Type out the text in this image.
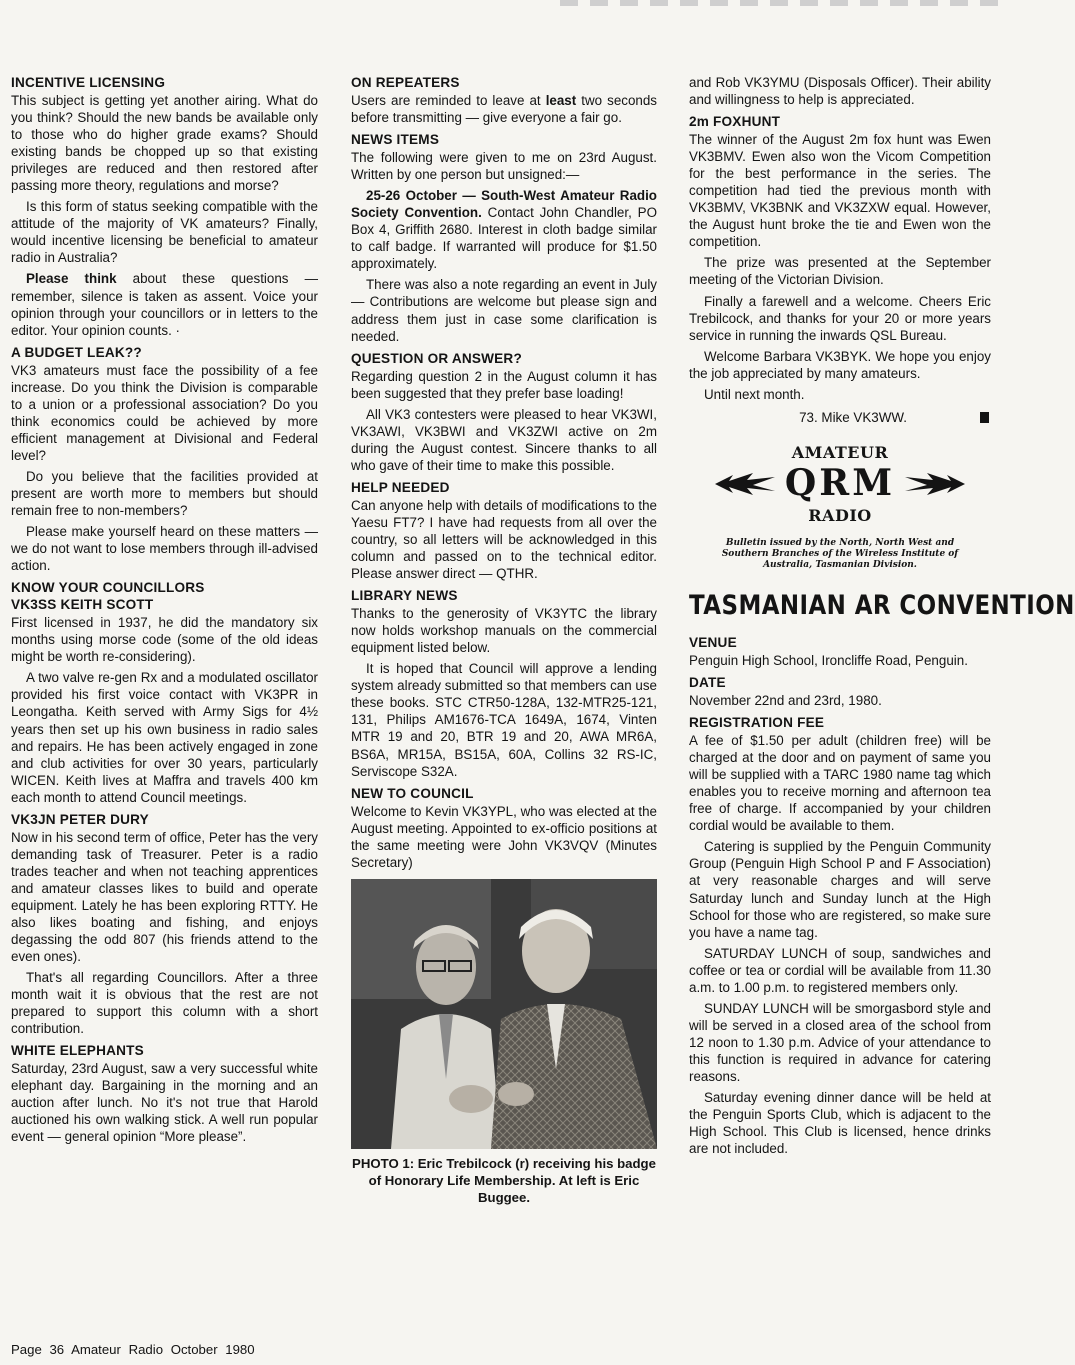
INCENTIVE LICENSING

This subject is getting yet another airing. What do you think? Should the new bands be available only to those who do higher grade exams? Should existing bands be chopped up so that existing privileges are reduced and then restored after passing more theory, regulations and morse?

Is this form of status seeking compatible with the attitude of the majority of VK amateurs? Finally, would incentive licensing be beneficial to amateur radio in Australia?

Please think about these questions — remember, silence is taken as assent. Voice your opinion through your councillors or in letters to the editor. Your opinion counts. ·

A BUDGET LEAK??

VK3 amateurs must face the possibility of a fee increase. Do you think the Division is comparable to a union or a professional association? Do you think economics could be achieved by more efficient management at Divisional and Federal level?

Do you believe that the facilities provided at present are worth more to members but should remain free to non-members?

Please make yourself heard on these matters — we do not want to lose members through ill-advised action.

KNOW YOUR COUNCILLORS
VK3SS KEITH SCOTT

First licensed in 1937, he did the mandatory six months using morse code (some of the old ideas might be worth re-considering).

A two valve re-gen Rx and a modulated oscillator provided his first voice contact with VK3PR in Leongatha. Keith served with Army Sigs for 4½ years then set up his own business in radio sales and repairs. He has been actively engaged in zone and club activities for over 30 years, particularly WICEN. Keith lives at Maffra and travels 400 km each month to attend Council meetings.

VK3JN PETER DURY

Now in his second term of office, Peter has the very demanding task of Treasurer. Peter is a radio trades teacher and when not teaching apprentices and amateur classes likes to build and operate equipment. Lately he has been exploring RTTY. He also likes boating and fishing, and enjoys degassing the odd 807 (his friends attend to the even ones).

That's all regarding Councillors. After a three month wait it is obvious that the rest are not prepared to support this column with a short contribution.

WHITE ELEPHANTS

Saturday, 23rd August, saw a very successful white elephant day. Bargaining in the morning and an auction after lunch. No it's not true that Harold auctioned his own walking stick. A well run popular event — general opinion “More please”.

ON REPEATERS

Users are reminded to leave at least two seconds before transmitting — give everyone a fair go.

NEWS ITEMS

The following were given to me on 23rd August. Written by one person but unsigned:—

25-26 October — South-West Amateur Radio Society Convention. Contact John Chandler, PO Box 4, Griffith 2680. Interest in cloth badge similar to calf badge. If warranted will produce for $1.50 approximately.

There was also a note regarding an event in July — Contributions are welcome but please sign and address them just in case some clarification is needed.

QUESTION OR ANSWER?

Regarding question 2 in the August column it has been suggested that they prefer base loading!

All VK3 contesters were pleased to hear VK3WI, VK3AWI, VK3BWI and VK3ZWI active on 2m during the August contest. Sincere thanks to all who gave of their time to make this possible.

HELP NEEDED

Can anyone help with details of modifications to the Yaesu FT7? I have had requests from all over the country, so all letters will be acknowledged in this column and passed on to the technical editor. Please answer direct — QTHR.

LIBRARY NEWS

Thanks to the generosity of VK3YTC the library now holds workshop manuals on the commercial equipment listed below.

It is hoped that Council will approve a lending system already submitted so that members can use these books. STC CTR50-128A, 132-MTR25-121, 131, Philips AM1676-TCA 1649A, 1674, Vinten MTR 19 and 20, BTR 19 and 20, AWA MR6A, BS6A, MR15A, BS15A, 60A, Collins 32 RS-IC, Serviscope S32A.

NEW TO COUNCIL

Welcome to Kevin VK3YPL, who was elected at the August meeting. Appointed to ex-officio positions at the same meeting were John VK3VQV (Minutes Secretary)

PHOTO 1: Eric Trebilcock (r) receiving his badge of Honorary Life Membership. At left is Eric Buggee.

and Rob VK3YMU (Disposals Officer). Their ability and willingness to help is appreciated.

2m FOXHUNT

The winner of the August 2m fox hunt was Ewen VK3BMV. Ewen also won the Vicom Competition for the best performance in the series. The competition had tied the previous month with VK3BMV, VK3BNK and VK3ZXW equal. However, the August hunt broke the tie and Ewen won the competition.

The prize was presented at the September meeting of the Victorian Division.

Finally a farewell and a welcome. Cheers Eric Trebilcock, and thanks for your 20 or more years service in running the inwards QSL Bureau.

Welcome Barbara VK3BYK. We hope you enjoy the job appreciated by many amateurs.

Until next month.

73. Mike VK3WW.
AMATEUR
QRM
RADIO
Bulletin issued by the North, North West and Southern Branches of the Wireless Institute of Australia, Tasmanian Division.
TASMANIAN AR CONVENTION
VENUE

Penguin High School, Ironcliffe Road, Penguin.

DATE

November 22nd and 23rd, 1980.

REGISTRATION FEE

A fee of $1.50 per adult (children free) will be charged at the door and on payment of same you will be supplied with a TARC 1980 name tag which enables you to receive morning and afternoon tea free of charge. If accompanied by your children cordial would be available to them.

Catering is supplied by the Penguin Community Group (Penguin High School P and F Association) at very reasonable charges and will serve Saturday lunch and Sunday lunch at the High School for those who are registered, so make sure you have a name tag.

SATURDAY LUNCH of soup, sandwiches and coffee or tea or cordial will be available from 11.30 a.m. to 1.00 p.m. to registered members only.

SUNDAY LUNCH will be smorgasbord style and will be served in a closed area of the school from 12 noon to 1.30 p.m. Advice of your attendance to this function is required in advance for catering reasons.

Saturday evening dinner dance will be held at the Penguin Sports Club, which is adjacent to the High School. This Club is licensed, hence drinks are not included.

Page 36 Amateur Radio October 1980
